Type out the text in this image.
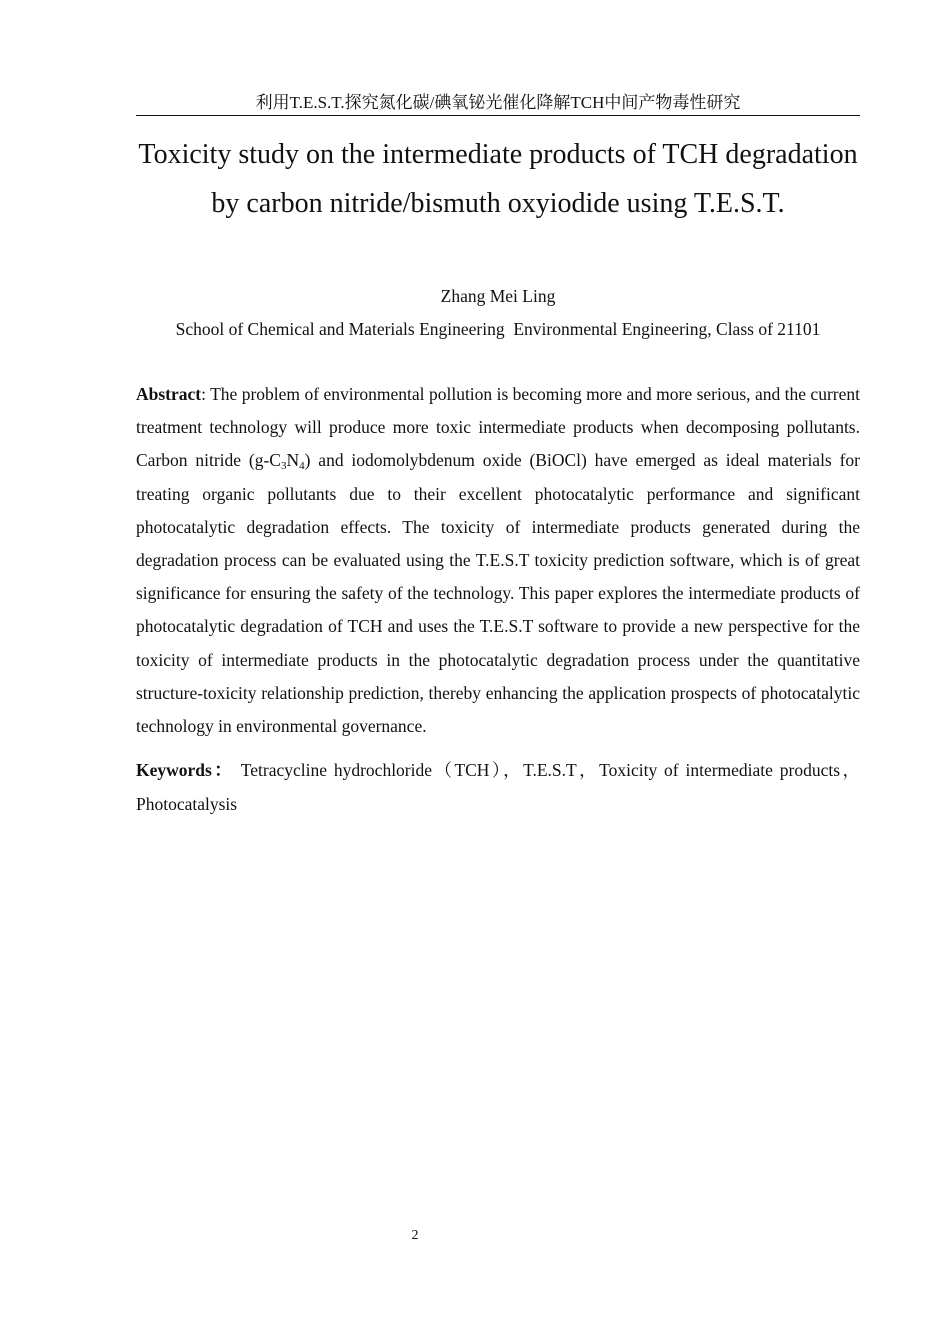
利用T.E.S.T.探究氮化碳/碘氧铋光催化降解TCH中间产物毒性研究
Toxicity study on the intermediate products of TCH degradation by carbon nitride/bismuth oxyiodide using T.E.S.T.
Zhang Mei Ling
School of Chemical and Materials Engineering  Environmental Engineering, Class of 21101

Abstract: The problem of environmental pollution is becoming more and more serious, and the current treatment technology will produce more toxic intermediate products when decomposing pollutants. Carbon nitride $(g-C_3N_4)$ and iodomolybdenum oxide (BiOCl) have emerged as ideal materials for treating organic pollutants due to their excellent photocatalytic performance and significant photocatalytic degradation effects. The toxicity of intermediate products generated during the degradation process can be evaluated using the T.E.S.T toxicity prediction software, which is of great significance for ensuring the safety of the technology. This paper explores the intermediate products of photocatalytic degradation of TCH and uses the T.E.S.T software to provide a new perspective for the toxicity of intermediate products in the photocatalytic degradation process under the quantitative structure-toxicity relationship prediction, thereby enhancing the application prospects of photocatalytic technology in environmental governance.

Keywords： Tetracycline hydrochloride（TCH），T.E.S.T，Toxicity of intermediate products，Photocatalysis

2
